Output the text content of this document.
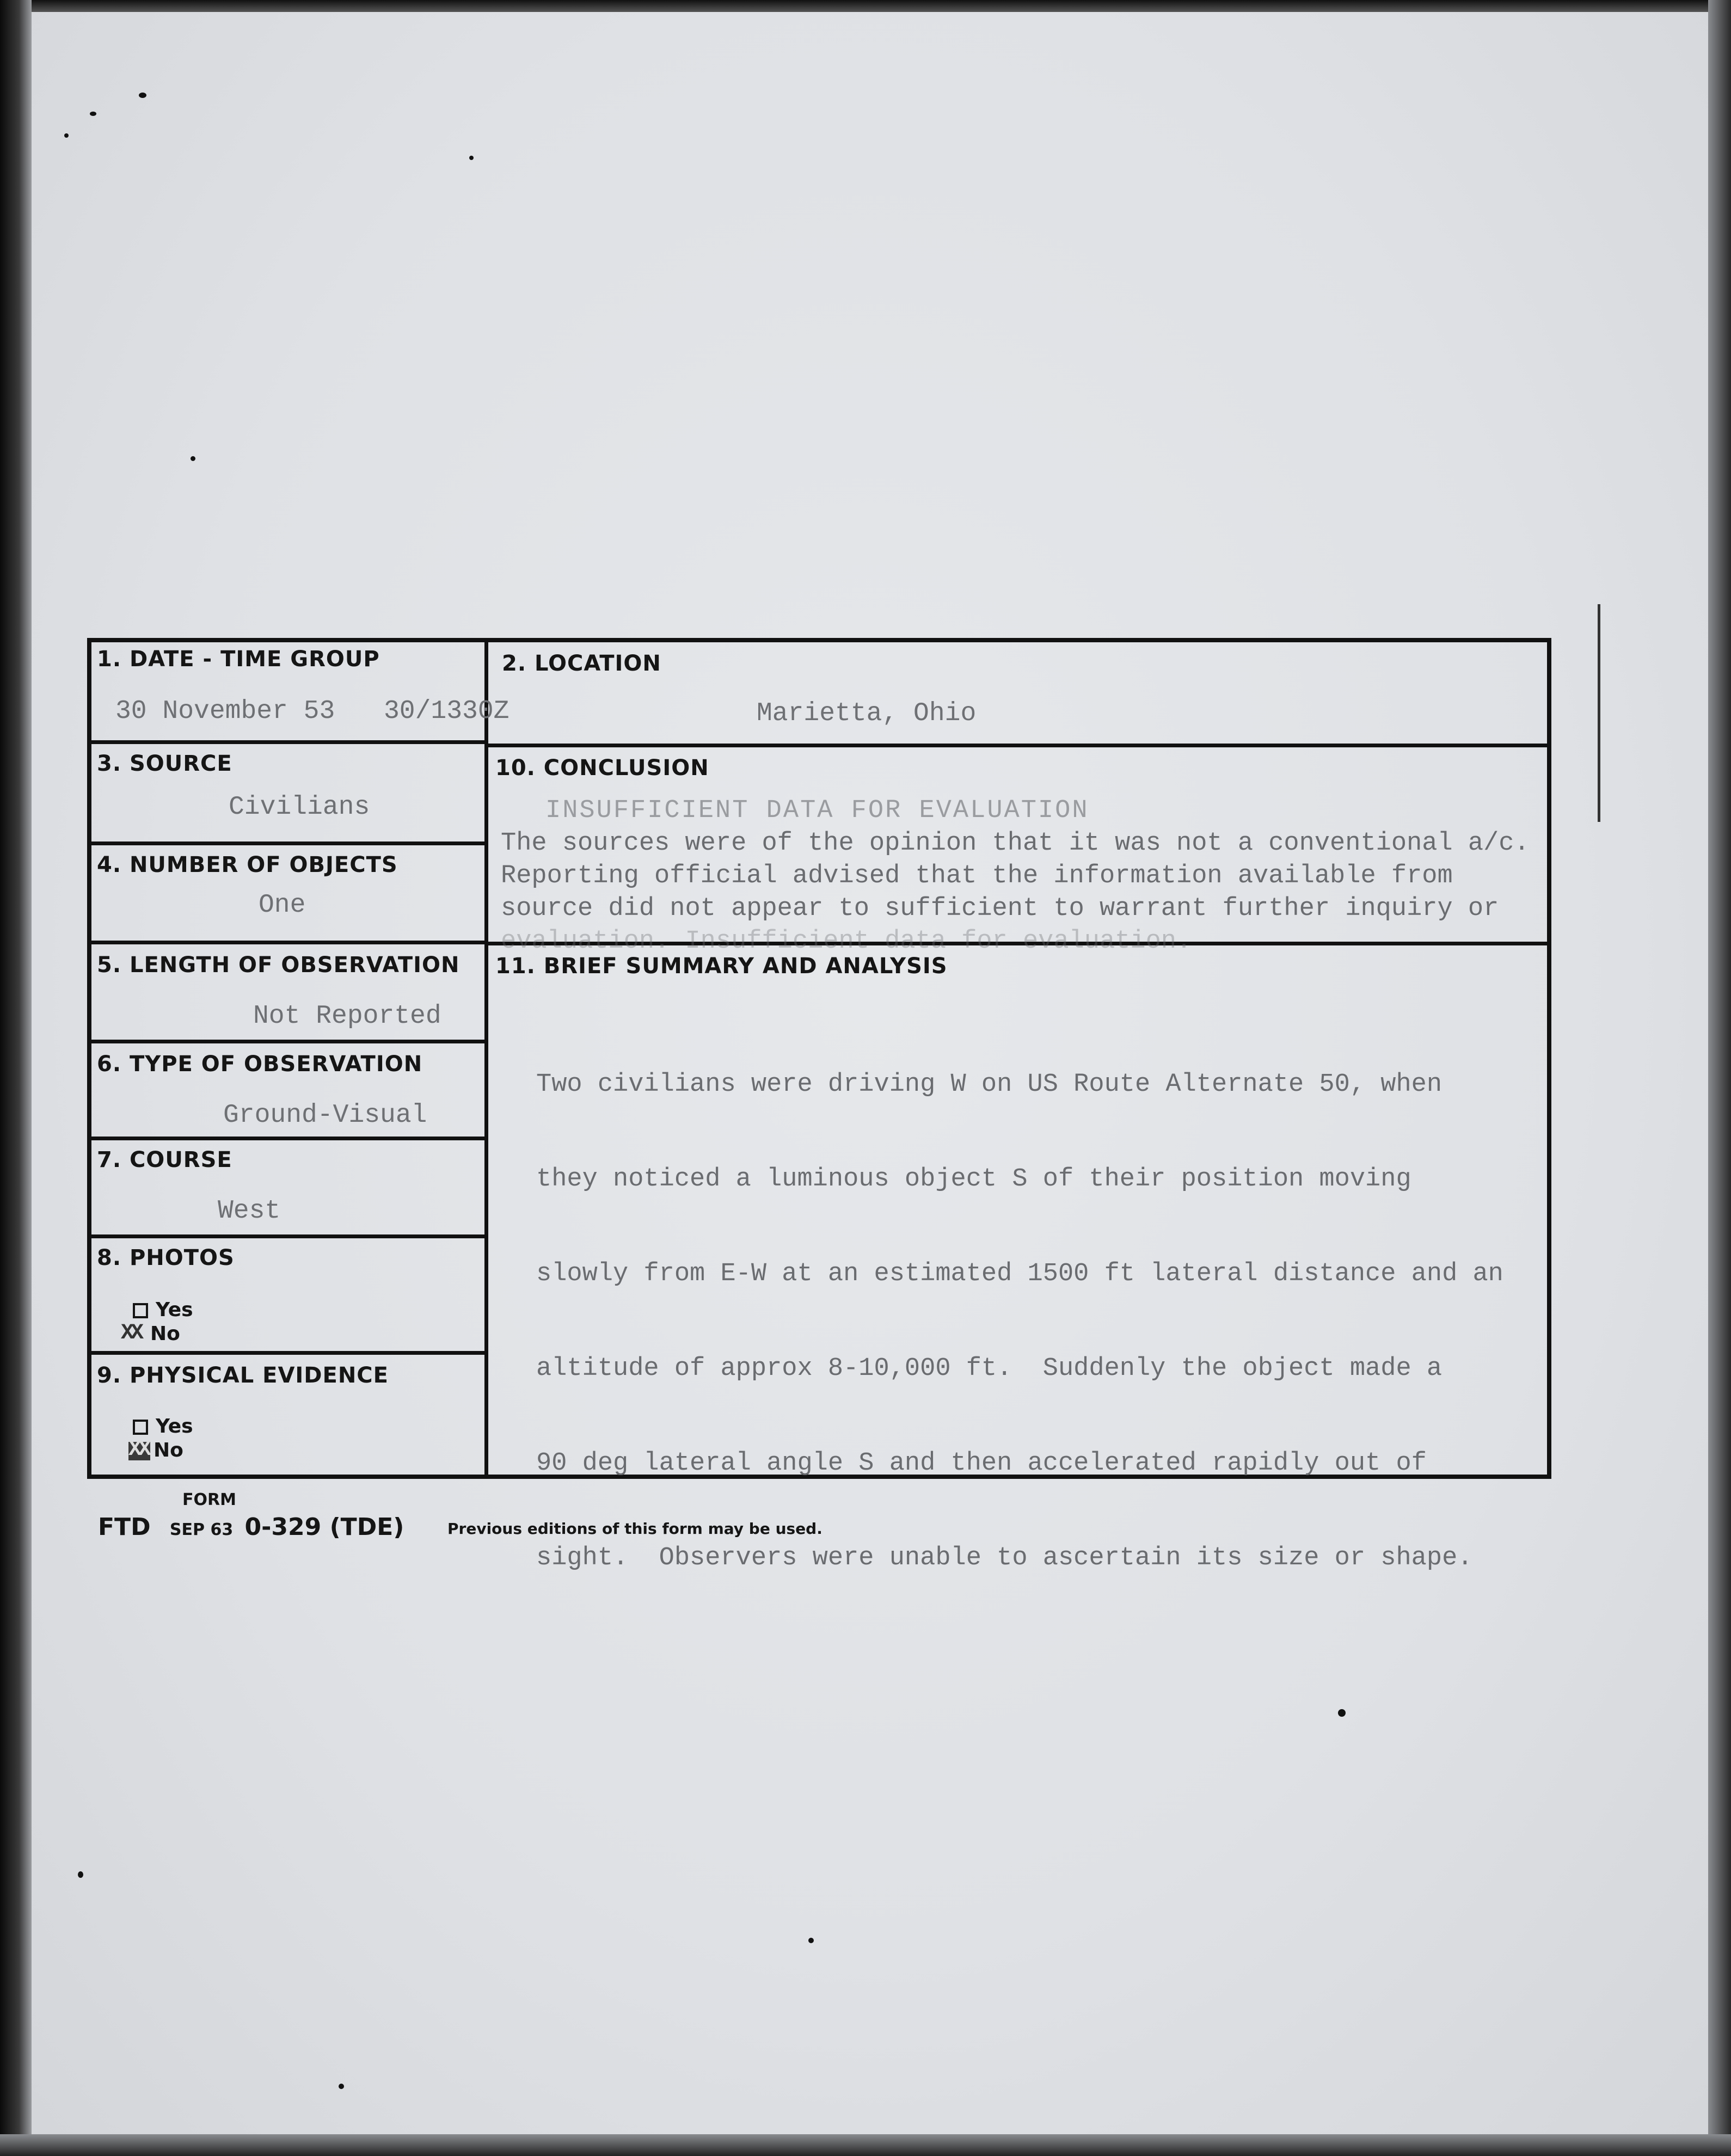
1. DATE - TIME GROUP
30 November 53 30/1330Z
2. LOCATION
Marietta, Ohio
3. SOURCE
Civilians
4. NUMBER OF OBJECTS
One
5. LENGTH OF OBSERVATION
Not Reported
6. TYPE OF OBSERVATION
Ground-Visual
7. COURSE
West
8. PHOTOS
Yes
XX No
9. PHYSICAL EVIDENCE
Yes
XX No
10. CONCLUSION
INSUFFICIENT DATA FOR EVALUATION
The sources were of the opinion that it was not a conventional a/c.
Reporting official advised that the information available from
source did not appear to sufficient to warrant further inquiry or
evaluation. Insufficient data for evaluation.
11. BRIEF SUMMARY AND ANALYSIS

Two civilians were driving W on US Route Alternate 50, when

they noticed a luminous object S of their position moving

slowly from E-W at an estimated 1500 ft lateral distance and an

altitude of approx 8-10,000 ft.  Suddenly the object made a

90 deg lateral angle S and then accelerated rapidly out of

sight.  Observers were unable to ascertain its size or shape.

FORM
FTD SEP 63 0-329 (TDE)	Previous editions of this form may be used.
